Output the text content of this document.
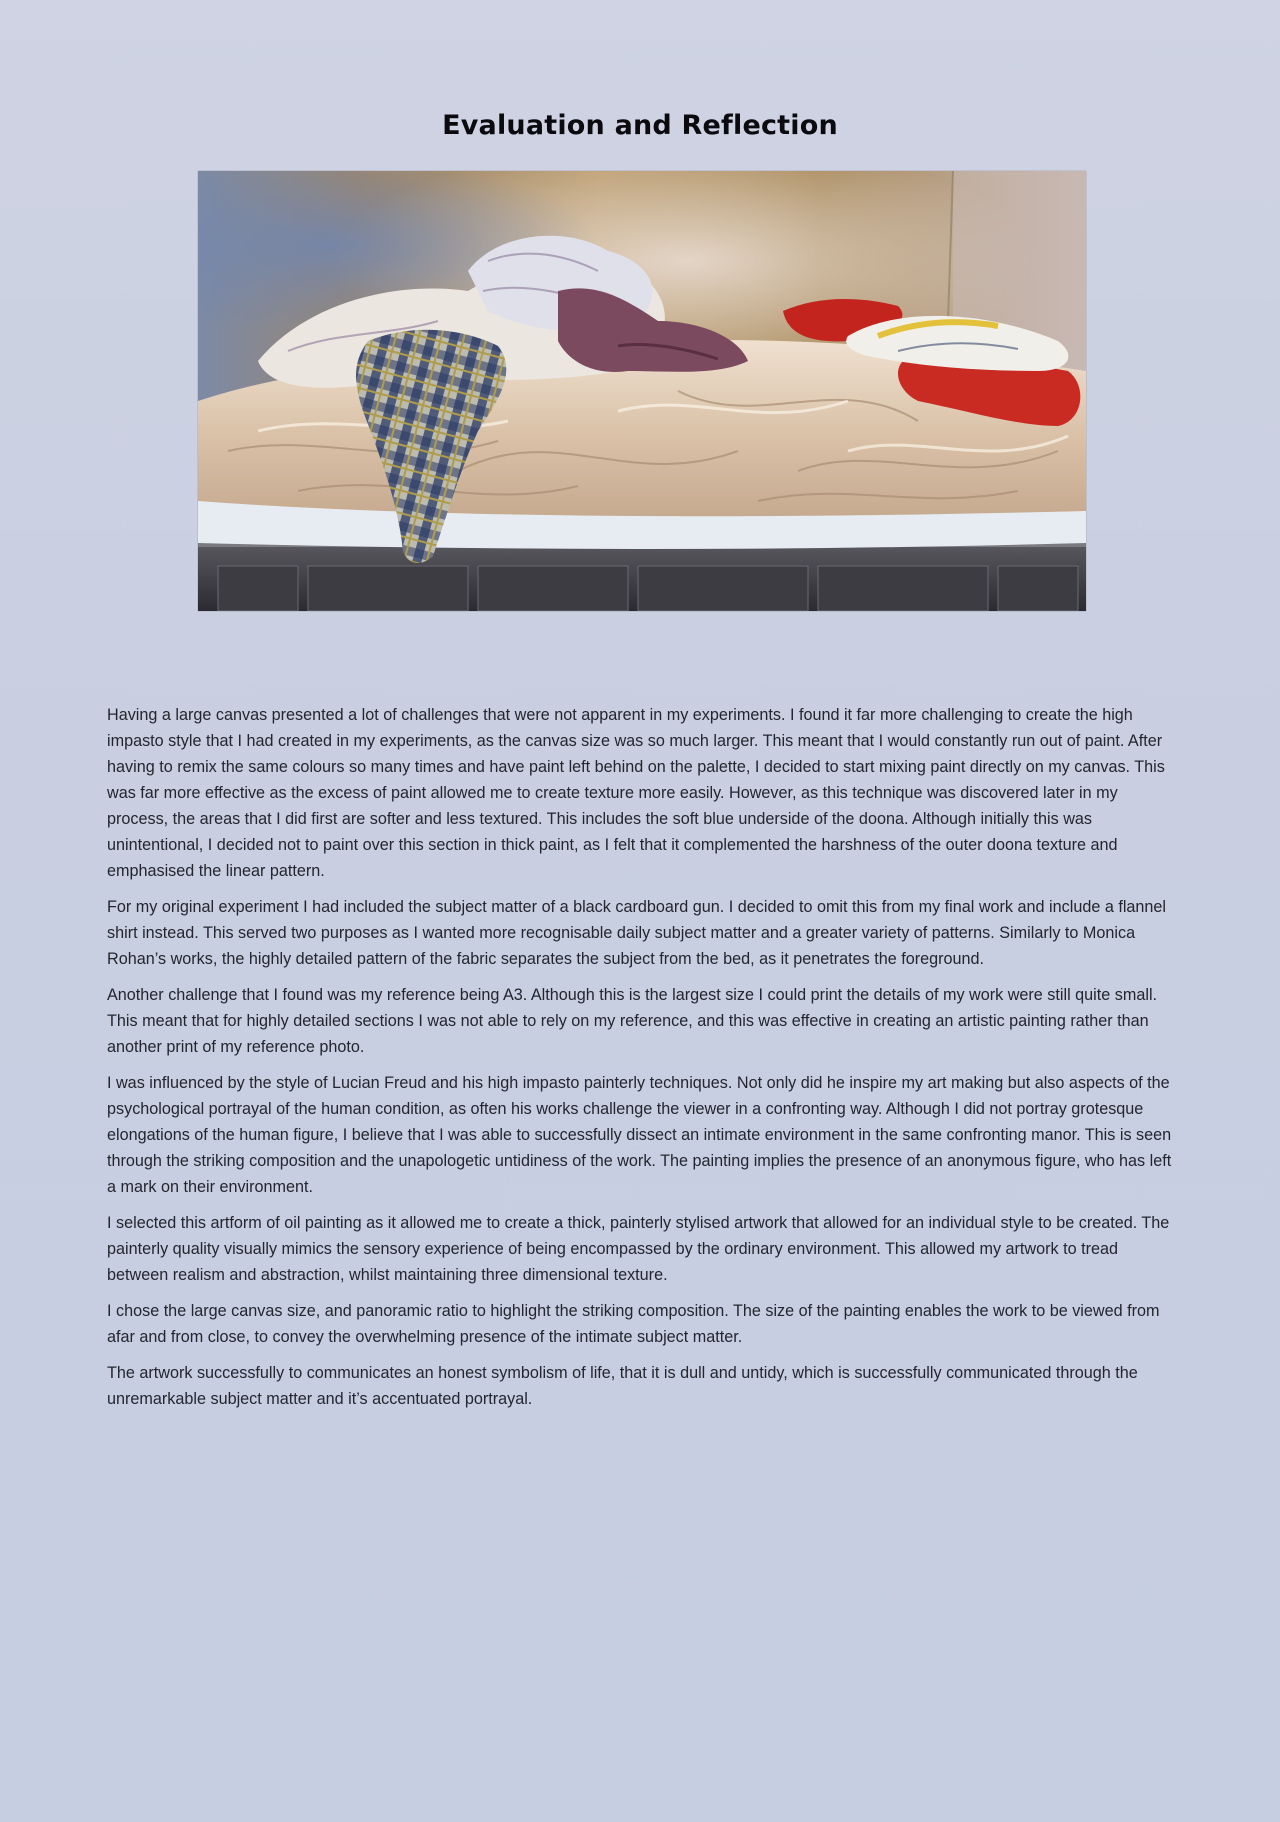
Evaluation and Reflection

Having a large canvas presented a lot of challenges that were not apparent in my experiments. I found it far more challenging to create the high impasto style that I had created in my experiments, as the canvas size was so much larger. This meant that I would constantly run out of paint. After having to remix the same colours so many times and have paint left behind on the palette, I decided to start mixing paint directly on my canvas. This was far more effective as the excess of paint allowed me to create texture more easily. However, as this technique was discovered later in my process, the areas that I did first are softer and less textured. This includes the soft blue underside of the doona. Although initially this was unintentional, I decided not to paint over this section in thick paint, as I felt that it complemented the harshness of the outer doona texture and emphasised the linear pattern.

For my original experiment I had included the subject matter of a black cardboard gun. I decided to omit this from my final work and include a flannel shirt instead. This served two purposes as I wanted more recognisable daily subject matter and a greater variety of patterns. Similarly to Monica Rohan’s works, the highly detailed pattern of the fabric separates the subject from the bed, as it penetrates the foreground.

Another challenge that I found was my reference being A3. Although this is the largest size I could print the details of my work were still quite small. This meant that for highly detailed sections I was not able to rely on my reference, and this was effective in creating an artistic painting rather than another print of my reference photo.

I was influenced by the style of Lucian Freud and his high impasto painterly techniques. Not only did he inspire my art making but also aspects of the psychological portrayal of the human condition, as often his works challenge the viewer in a confronting way. Although I did not portray grotesque elongations of the human figure, I believe that I was able to successfully dissect an intimate environment in the same confronting manor. This is seen through the striking composition and the unapologetic untidiness of the work. The painting implies the presence of an anonymous figure, who has left a mark on their environment.

I selected this artform of oil painting as it allowed me to create a thick, painterly stylised artwork that allowed for an individual style to be created. The painterly quality visually mimics the sensory experience of being encompassed by the ordinary environment. This allowed my artwork to tread between realism and abstraction, whilst maintaining three dimensional texture.

I chose the large canvas size, and panoramic ratio to highlight the striking composition. The size of the painting enables the work to be viewed from afar and from close, to convey the overwhelming presence of the intimate subject matter.

The artwork successfully to communicates an honest symbolism of life, that it is dull and untidy, which is successfully communicated through the unremarkable subject matter and it’s accentuated portrayal.
